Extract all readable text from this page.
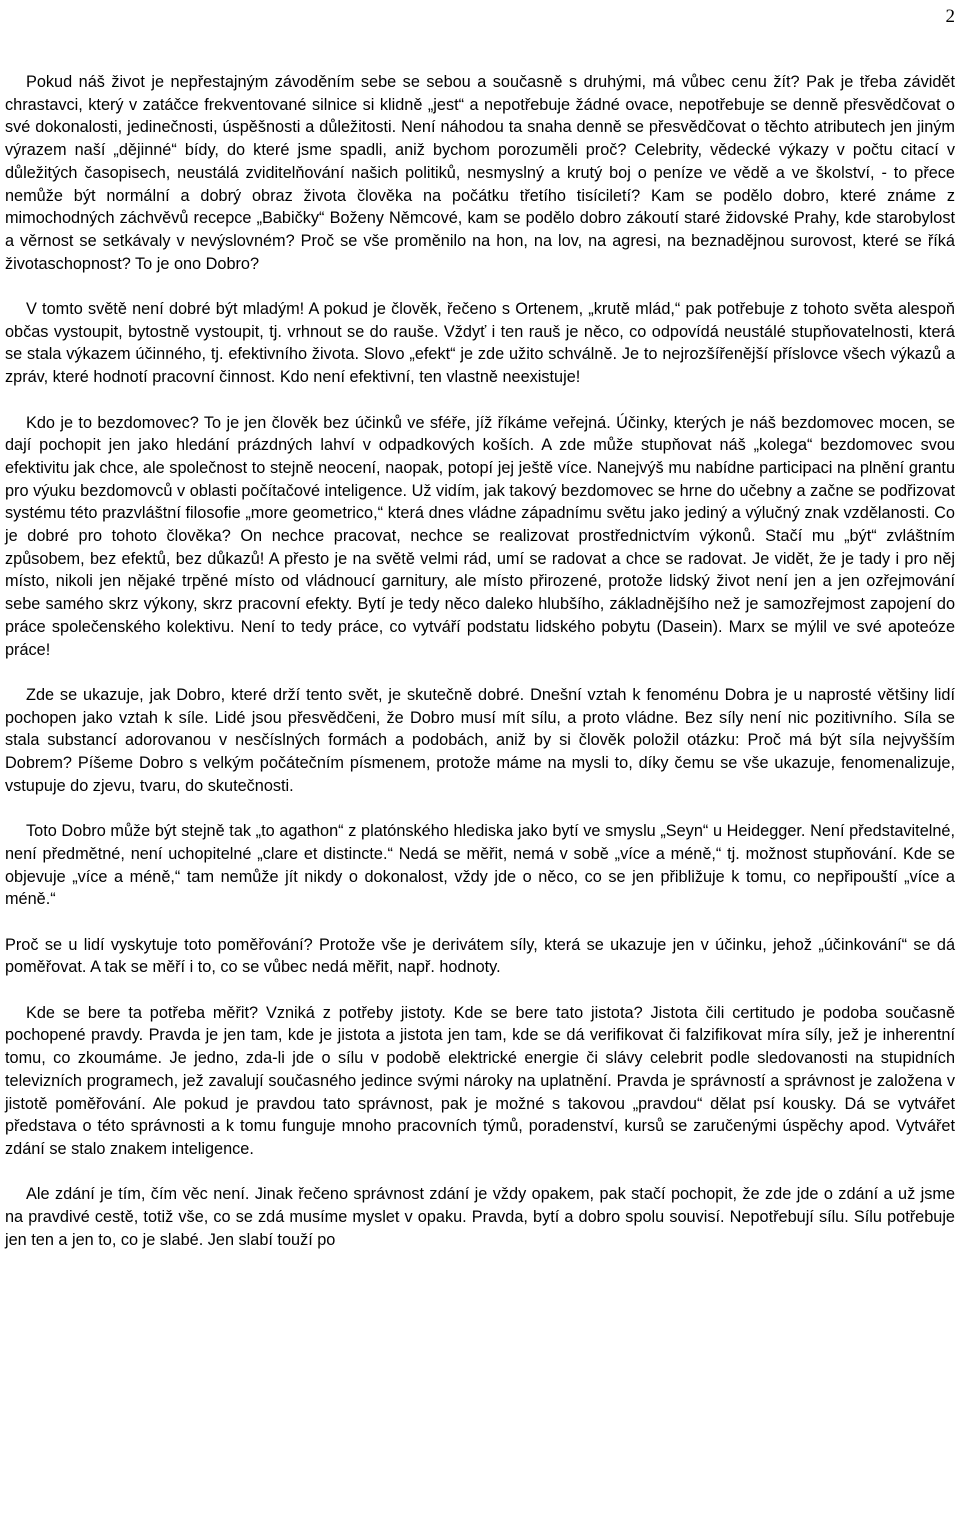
2

Pokud náš život je nepřestajným závoděním sebe se sebou a současně s druhými, má vůbec cenu žít? Pak je třeba závidět chrastavci, který v zatáčce frekventované silnice si klidně „jest“ a nepotřebuje žádné ovace, nepotřebuje se denně přesvědčovat o své dokonalosti, jedinečnosti, úspěšnosti a důležitosti. Není náhodou ta snaha denně se přesvědčovat o těchto atributech jen jiným výrazem naší „dějinné“ bídy, do které jsme spadli, aniž bychom porozuměli proč? Celebrity, vědecké výkazy v počtu citací v důležitých časopisech, neustálá zviditelňování našich politiků, nesmyslný a krutý boj o peníze ve vědě a ve školství, - to přece nemůže být normální a dobrý obraz života člověka na počátku třetího tisíciletí? Kam se podělo dobro, které známe z mimochodných záchvěvů recepce „Babičky“ Boženy Němcové, kam se podělo dobro zákoutí staré židovské Prahy, kde starobylost a věrnost se setkávaly v nevýslovném? Proč se vše proměnilo na hon, na lov, na agresi, na beznadějnou surovost, které se říká životaschopnost? To je ono Dobro?

V tomto světě není dobré být mladým! A pokud je člověk, řečeno s Ortenem, „krutě mlád,“ pak potřebuje z tohoto světa alespoň občas vystoupit, bytostně vystoupit, tj. vrhnout se do rauše. Vždyť i ten rauš je něco, co odpovídá neustálé stupňovatelnosti, která se stala výkazem účinného, tj. efektivního života. Slovo „efekt“ je zde užito schválně. Je to nejrozšířenější příslovce všech výkazů a zpráv, které hodnotí pracovní činnost. Kdo není efektivní, ten vlastně neexistuje!

Kdo je to bezdomovec? To je jen člověk bez účinků ve sféře, jíž říkáme veřejná. Účinky, kterých je náš bezdomovec mocen, se dají pochopit jen jako hledání prázdných lahví v odpadkových koších. A zde může stupňovat náš „kolega“ bezdomovec svou efektivitu jak chce, ale společnost to stejně neocení, naopak, potopí jej ještě více. Nanejvýš mu nabídne participaci na plnění grantu pro výuku bezdomovců v oblasti počítačové inteligence. Už vidím, jak takový bezdomovec se hrne do učebny a začne se podřizovat systému této prazvláštní filosofie „more geometrico,“ která dnes vládne západnímu světu jako jediný a výlučný znak vzdělanosti. Co je dobré pro tohoto člověka? On nechce pracovat, nechce se realizovat prostřednictvím výkonů. Stačí mu „být“ zvláštním způsobem, bez efektů, bez důkazů! A přesto je na světě velmi rád, umí se radovat a chce se radovat. Je vidět, že je tady i pro něj místo, nikoli jen nějaké trpěné místo od vládnoucí garnitury, ale místo přirozené, protože lidský život není jen a jen ozřejmování sebe samého skrz výkony, skrz pracovní efekty. Bytí je tedy něco daleko hlubšího, základnějšího než je samozřejmost zapojení do práce společenského kolektivu. Není to tedy práce, co vytváří podstatu lidského pobytu (Dasein). Marx se mýlil ve své apoteóze práce!

Zde se ukazuje, jak Dobro, které drží tento svět, je skutečně dobré. Dnešní vztah k fenoménu Dobra je u naprosté většiny lidí pochopen jako vztah k síle. Lidé jsou přesvědčeni, že Dobro musí mít sílu, a proto vládne. Bez síly není nic pozitivního. Síla se stala substancí adorovanou v nesčíslných formách a podobách, aniž by si člověk položil otázku: Proč má být síla nejvyšším Dobrem? Píšeme Dobro s velkým počátečním písmenem, protože máme na mysli to, díky čemu se vše ukazuje, fenomenalizuje, vstupuje do zjevu, tvaru, do skutečnosti.

Toto Dobro může být stejně tak „to agathon“ z platónského hlediska jako bytí ve smyslu „Seyn“ u Heidegger. Není představitelné, není předmětné, není uchopitelné „clare et distincte.“ Nedá se měřit, nemá v sobě „více a méně,“ tj. možnost stupňování. Kde se objevuje „více a méně,“ tam nemůže jít nikdy o dokonalost, vždy jde o něco, co se jen přibližuje k tomu, co nepřipouští „více a méně.“

Proč se u lidí vyskytuje toto poměřování? Protože vše je derivátem síly, která se ukazuje jen v účinku, jehož „účinkování“ se dá poměřovat. A tak se měří i to, co se vůbec nedá měřit, např. hodnoty.

Kde se bere ta potřeba měřit? Vzniká z potřeby jistoty. Kde se bere tato jistota? Jistota čili certitudo je podoba současně pochopené pravdy. Pravda je jen tam, kde je jistota a jistota jen tam, kde se dá verifikovat či falzifikovat míra síly, jež je inherentní tomu, co zkoumáme. Je jedno, zda-li jde o sílu v podobě elektrické energie či slávy celebrit podle sledovanosti na stupidních televizních programech, jež zavalují současného jedince svými nároky na uplatnění. Pravda je správností a správnost je založena v jistotě poměřování. Ale pokud je pravdou tato správnost, pak je možné s takovou „pravdou“ dělat psí kousky. Dá se vytvářet představa o této správnosti a k tomu funguje mnoho pracovních týmů, poradenství, kursů se zaručenými úspěchy apod. Vytvářet zdání se stalo znakem inteligence.

Ale zdání je tím, čím věc není. Jinak řečeno správnost zdání je vždy opakem, pak stačí pochopit, že zde jde o zdání a už jsme na pravdivé cestě, totiž vše, co se zdá musíme myslet v opaku. Pravda, bytí a dobro spolu souvisí. Nepotřebují sílu. Sílu potřebuje jen ten a jen to, co je slabé. Jen slabí touží po
